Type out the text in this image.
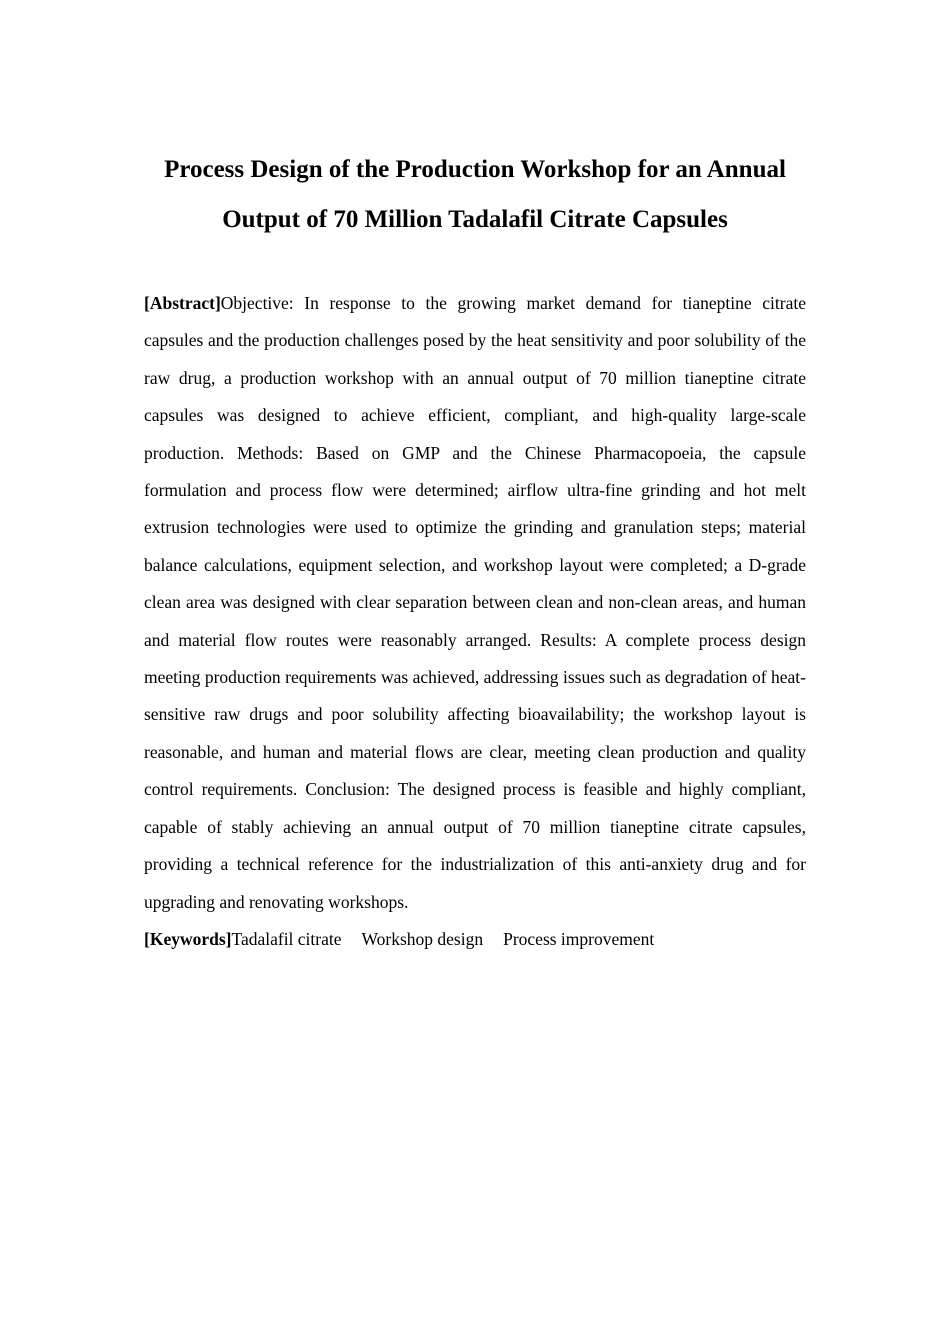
Process Design of the Production Workshop for an Annual
Output of 70 Million Tadalafil Citrate Capsules

[Abstract]Objective: In response to the growing market demand for tianeptine citrate capsules and the production challenges posed by the heat sensitivity and poor solubility of the raw drug, a production workshop with an annual output of 70 million tianeptine citrate capsules was designed to achieve efficient, compliant, and high-quality large-scale production. Methods: Based on GMP and the Chinese Pharmacopoeia, the capsule formulation and process flow were determined; airflow ultra-fine grinding and hot melt extrusion technologies were used to optimize the grinding and granulation steps; material balance calculations, equipment selection, and workshop layout were completed; a D-grade clean area was designed with clear separation between clean and non-clean areas, and human and material flow routes were reasonably arranged. Results: A complete process design meeting production requirements was achieved, addressing issues such as degradation of heat-sensitive raw drugs and poor solubility affecting bioavailability; the workshop layout is reasonable, and human and material flows are clear, meeting clean production and quality control requirements. Conclusion: The designed process is feasible and highly compliant, capable of stably achieving an annual output of 70 million tianeptine citrate capsules, providing a technical reference for the industrialization of this anti-anxiety drug and for upgrading and renovating workshops.

[Keywords]Tadalafil citrate Workshop design Process improvement
